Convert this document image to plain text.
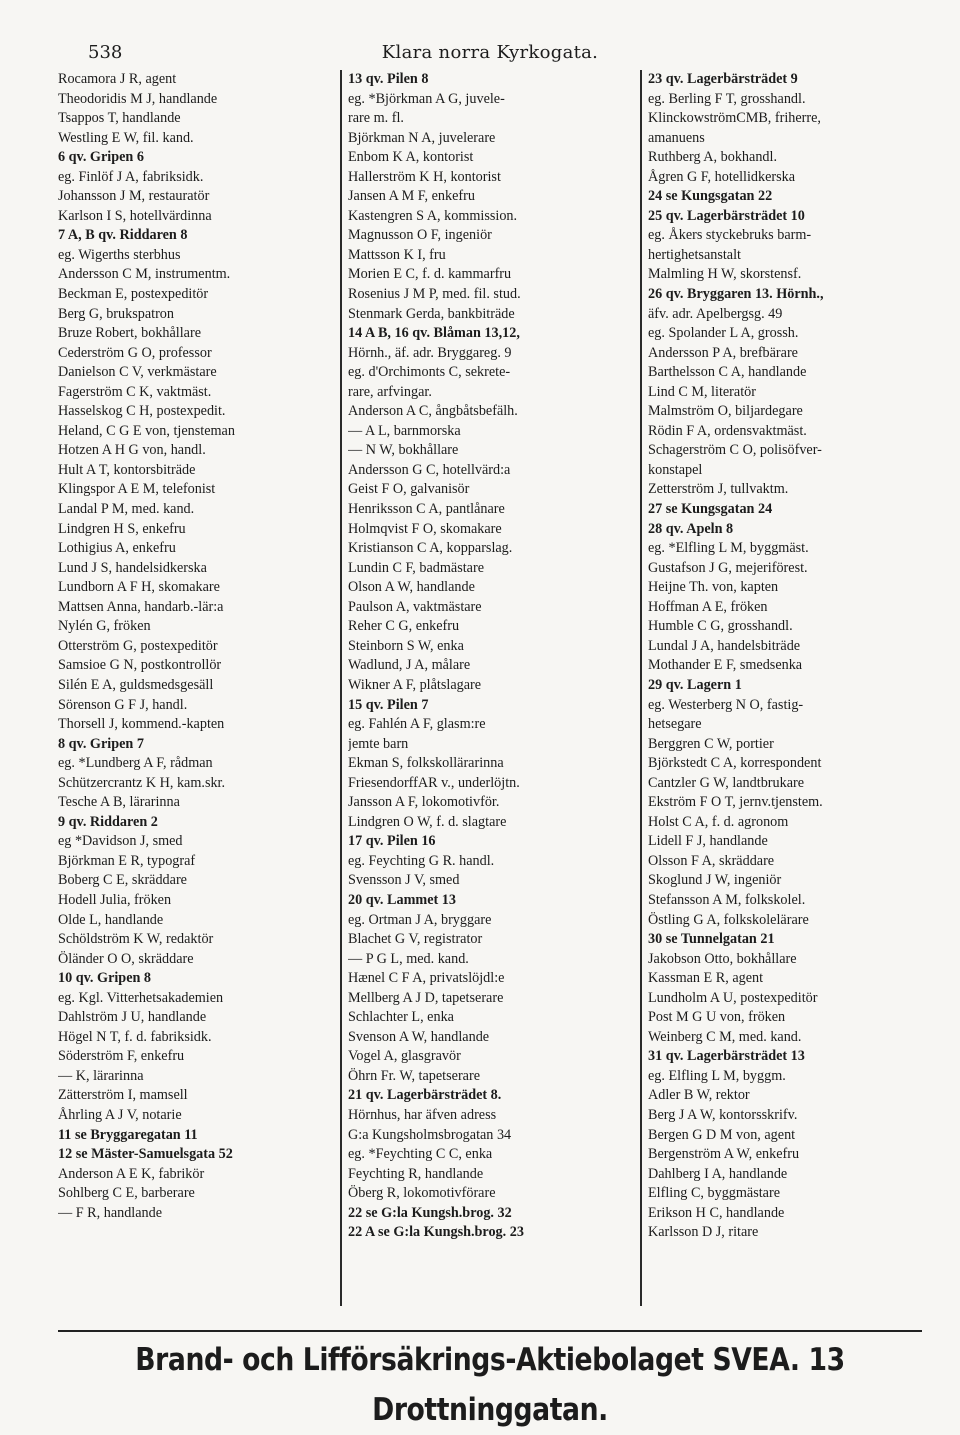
538	Klara norra Kyrkogata.
Rocamora J R, agent
Theodoridis M J, handlande
Tsappos T, handlande
Westling E W, fil. kand.
6 qv. Gripen 6
eg. Finlöf J A, fabriksidk.
Johansson J M, restauratör
Karlson I S, hotellvärdinna
7 A, B qv. Riddaren 8
eg. Wigerths sterbhus
Andersson C M, instrumentm.
Beckman E, postexpeditör
Berg G, brukspatron
Bruze Robert, bokhållare
Cederström G O, professor
Danielson C V, verkmästare
Fagerström C K, vaktmäst.
Hasselskog C H, postexpedit.
Heland, C G E von, tjensteman
Hotzen A H G von, handl.
Hult A T, kontorsbiträde
Klingspor A E M, telefonist
Landal P M, med. kand.
Lindgren H S, enkefru
Lothigius A, enkefru
Lund J S, handelsidkerska
Lundborn A F H, skomakare
Mattsen Anna, handarb.-lär:a
Nylén G, fröken
Otterström G, postexpeditör
Samsioe G N, postkontrollör
Silén E A, guldsmedsgesäll
Sörenson G F J, handl.
Thorsell J, kommend.-kapten
8 qv. Gripen 7
eg. *Lundberg A F, rådman
Schützercrantz K H, kam.skr.
Tesche A B, lärarinna
9 qv. Riddaren 2
eg *Davidson J, smed
Björkman E R, typograf
Boberg C E, skräddare
Hodell Julia, fröken
Olde L, handlande
Schöldström K W, redaktör
Öländer O O, skräddare
10 qv. Gripen 8
eg. Kgl. Vitterhetsakademien
Dahlström J U, handlande
Högel N T, f. d. fabriksidk.
Söderström F, enkefru
— K, lärarinna
Zätterström I, mamsell
Åhrling A J V, notarie
11 se Bryggaregatan 11
12 se Mäster-Samuelsgata 52
Anderson A E K, fabrikör
Sohlberg C E, barberare
— F R, handlande
13 qv. Pilen 8
eg. *Björkman A G, juvele-
rare m. fl.
Björkman N A, juvelerare
Enbom K A, kontorist
Hallerström K H, kontorist
Jansen A M F, enkefru
Kastengren S A, kommission.
Magnusson O F, ingeniör
Mattsson K I, fru
Morien E C, f. d. kammarfru
Rosenius J M P, med. fil. stud.
Stenmark Gerda, bankbiträde
14 A B, 16 qv. Blåman 13,12,
Hörnh., äf. adr. Bryggareg. 9
eg. d'Orchimonts C, sekrete-
rare, arfvingar.
Anderson A C, ångbåtsbefälh.
— A L, barnmorska
— N W, bokhållare
Andersson G C, hotellvärd:a
Geist F O, galvanisör
Henriksson C A, pantlånare
Holmqvist F O, skomakare
Kristianson C A, kopparslag.
Lundin C F, badmästare
Olson A W, handlande
Paulson A, vaktmästare
Reher C G, enkefru
Steinborn S W, enka
Wadlund, J A, målare
Wikner A F, plåtslagare
15 qv. Pilen 7
eg. Fahlén A F, glasm:re
jemte barn
Ekman S, folkskollärarinna
FriesendorffAR v., underlöjtn.
Jansson A F, lokomotivför.
Lindgren O W, f. d. slagtare
17 qv. Pilen 16
eg. Feychting G R. handl.
Svensson J V, smed
20 qv. Lammet 13
eg. Ortman J A, bryggare
Blachet G V, registrator
— P G L, med. kand.
Hænel C F A, privatslöjdl:e
Mellberg A J D, tapetserare
Schlachter L, enka
Svenson A W, handlande
Vogel A, glasgravör
Öhrn Fr. W, tapetserare
21 qv. Lagerbärsträdet 8.
Hörnhus, har äfven adress
G:a Kungsholmsbrogatan 34
eg. *Feychting C C, enka
Feychting R, handlande
Öberg R, lokomotivförare
22 se G:la Kungsh.brog. 32
22 A se G:la Kungsh.brog. 23
23 qv. Lagerbärsträdet 9
eg. Berling F T, grosshandl.
KlinckowströmCMB, friherre,
amanuens
Ruthberg A, bokhandl.
Ågren G F, hotellidkerska
24 se Kungsgatan 22
25 qv. Lagerbärsträdet 10
eg. Åkers styckebruks barm-
hertighetsanstalt
Malmling H W, skorstensf.
26 qv. Bryggaren 13. Hörnh.,
äfv. adr. Apelbergsg. 49
eg. Spolander L A, grossh.
Andersson P A, brefbärare
Barthelsson C A, handlande
Lind C M, literatör
Malmström O, biljardegare
Rödin F A, ordensvaktmäst.
Schagerström C O, polisöfver-
konstapel
Zetterström J, tullvaktm.
27 se Kungsgatan 24
28 qv. Apeln 8
eg. *Elfling L M, byggmäst.
Gustafson J G, mejeriförest.
Heijne Th. von, kapten
Hoffman A E, fröken
Humble C G, grosshandl.
Lundal J A, handelsbiträde
Mothander E F, smedsenka
29 qv. Lagern 1
eg. Westerberg N O, fastig-
hetsegare
Berggren C W, portier
Björkstedt C A, korrespondent
Cantzler G W, landtbrukare
Ekström F O T, jernv.tjenstem.
Holst C A, f. d. agronom
Lidell F J, handlande
Olsson F A, skräddare
Skoglund J W, ingeniör
Stefansson A M, folkskolel.
Östling G A, folkskolelärare
30 se Tunnelgatan 21
Jakobson Otto, bokhållare
Kassman E R, agent
Lundholm A U, postexpeditör
Post M G U von, fröken
Weinberg C M, med. kand.
31 qv. Lagerbärsträdet 13
eg. Elfling L M, byggm.
Adler B W, rektor
Berg J A W, kontorsskrifv.
Bergen G D M von, agent
Bergenström A W, enkefru
Dahlberg I A, handlande
Elfling C, byggmästare
Erikson H C, handlande
Karlsson D J, ritare
Brand- och Lifförsäkrings-Aktiebolaget SVEA. 13 Drottninggatan.
